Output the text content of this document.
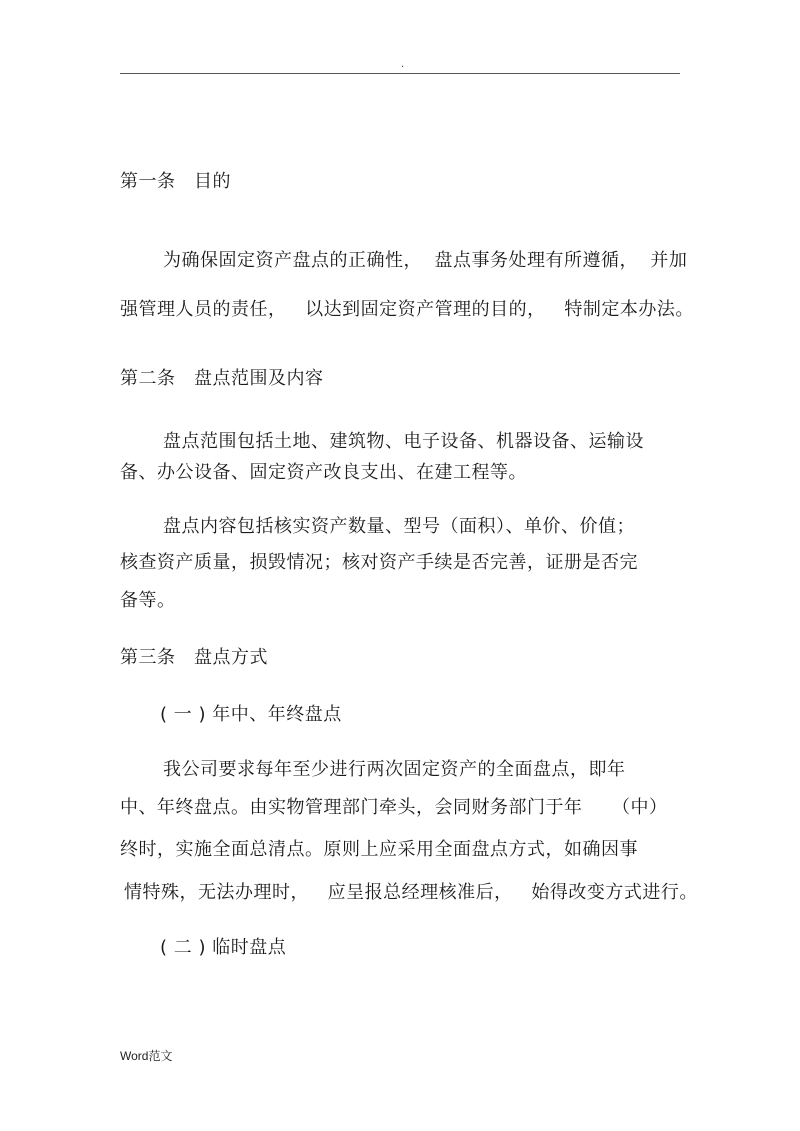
.
第一条　目的
为确保固定资产盘点的正确性，  盘点事务处理有所遵循，  并加
强管理人员的责任，   以达到固定资产管理的目的，   特制定本办法。
第二条　盘点范围及内容
盘点范围包括土地、建筑物、电子设备、机器设备、运输设
备、办公设备、固定资产改良支出、在建工程等。
盘点内容包括核实资产数量、型号（面积）、单价、价值；
核查资产质量，损毁情况；核对资产手续是否完善，证册是否完
备等。
第三条　盘点方式
( 一 ) 年中、年终盘点
我公司要求每年至少进行两次固定资产的全面盘点，即年
中、年终盘点。由实物管理部门牵头，会同财务部门于年 （中）
终时，实施全面总清点。原则上应采用全面盘点方式，如确因事
情特殊，无法办理时，   应呈报总经理核准后，   始得改变方式进行。
( 二 ) 临时盘点
Word范文
